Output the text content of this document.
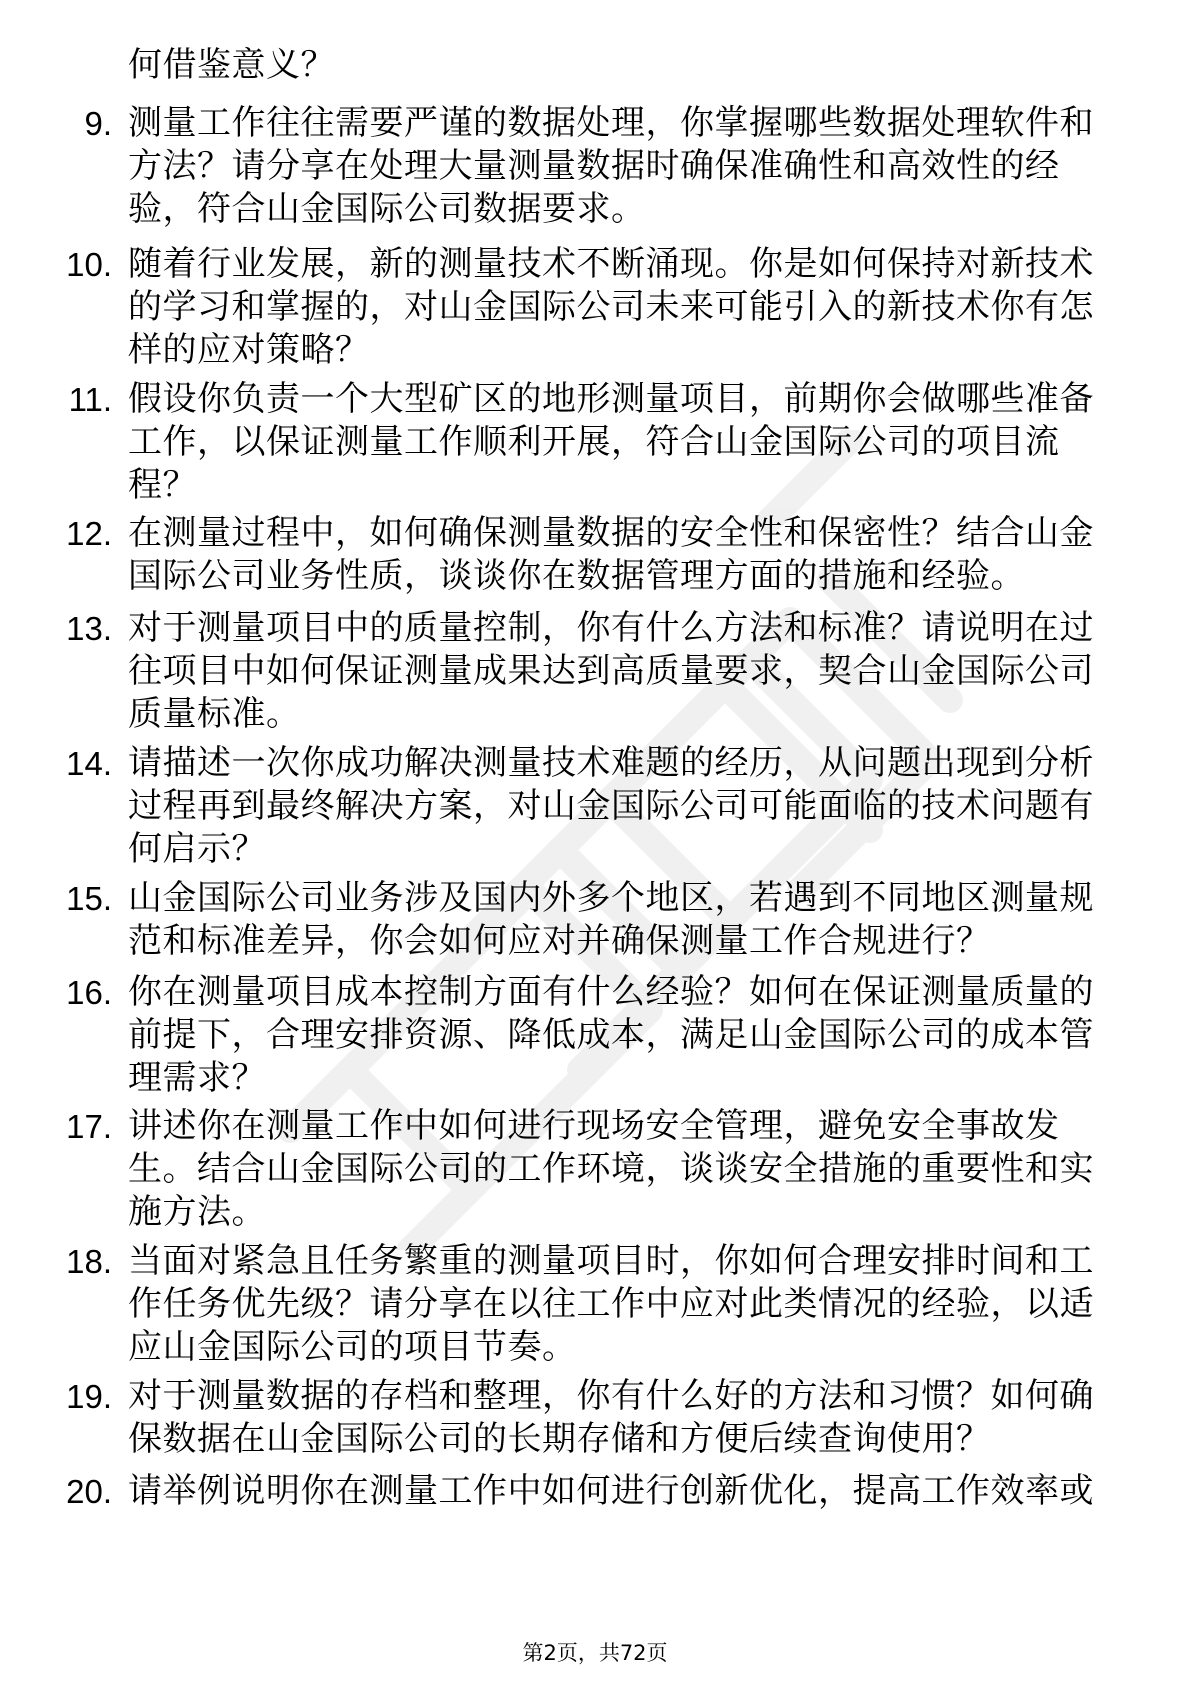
何借鉴意义？
9. 测量工作往往需要严谨的数据处理，你掌握哪些数据处理软件和方法？请分享在处理大量测量数据时确保准确性和高效性的经验，符合山金国际公司数据要求。
10. 随着行业发展，新的测量技术不断涌现。你是如何保持对新技术的学习和掌握的，对山金国际公司未来可能引入的新技术你有怎样的应对策略？
11. 假设你负责一个大型矿区的地形测量项目，前期你会做哪些准备工作，以保证测量工作顺利开展，符合山金国际公司的项目流程？
12. 在测量过程中，如何确保测量数据的安全性和保密性？结合山金国际公司业务性质，谈谈你在数据管理方面的措施和经验。
13. 对于测量项目中的质量控制，你有什么方法和标准？请说明在过往项目中如何保证测量成果达到高质量要求，契合山金国际公司质量标准。
14. 请描述一次你成功解决测量技术难题的经历，从问题出现到分析过程再到最终解决方案，对山金国际公司可能面临的技术问题有何启示？
15. 山金国际公司业务涉及国内外多个地区，若遇到不同地区测量规范和标准差异，你会如何应对并确保测量工作合规进行？
16. 你在测量项目成本控制方面有什么经验？如何在保证测量质量的前提下，合理安排资源、降低成本，满足山金国际公司的成本管理需求？
17. 讲述你在测量工作中如何进行现场安全管理，避免安全事故发生。结合山金国际公司的工作环境，谈谈安全措施的重要性和实施方法。
18. 当面对紧急且任务繁重的测量项目时，你如何合理安排时间和工作任务优先级？请分享在以往工作中应对此类情况的经验，以适应山金国际公司的项目节奏。
19. 对于测量数据的存档和整理，你有什么好的方法和习惯？如何确保数据在山金国际公司的长期存储和方便后续查询使用？
20. 请举例说明你在测量工作中如何进行创新优化，提高工作效率或
第2页，共72页
